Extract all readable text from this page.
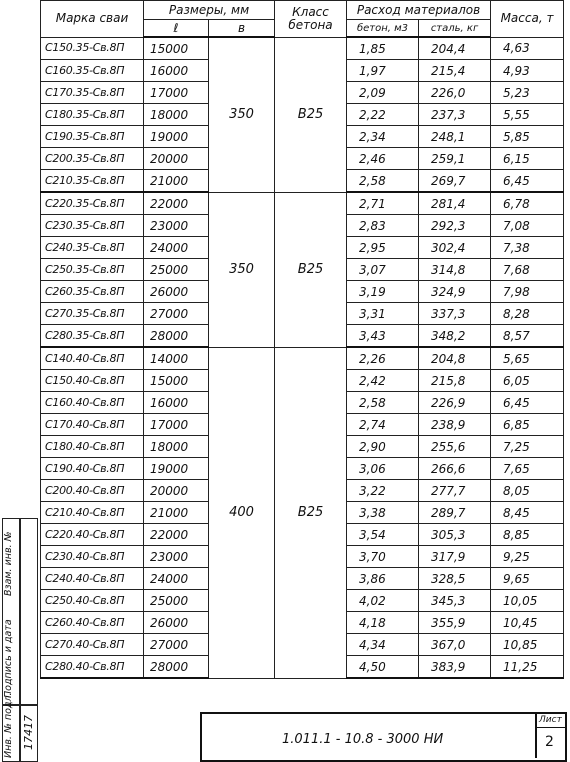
Марка сваи	Размеры, мм		Класс бетона	Расход материалов		Масса, т
	ℓ	в		бетон, м3	сталь, кг	
С150.35-Св.8П	15000	350	В25	1,85	204,4	4,63
С160.35-Св.8П	16000			1,97	215,4	4,93
С170.35-Св.8П	17000			2,09	226,0	5,23
С180.35-Св.8П	18000			2,22	237,3	5,55
С190.35-Св.8П	19000			2,34	248,1	5,85
С200.35-Св.8П	20000			2,46	259,1	6,15
С210.35-Св.8П	21000			2,58	269,7	6,45
С220.35-Св.8П	22000	350	В25	2,71	281,4	6,78
С230.35-Св.8П	23000			2,83	292,3	7,08
С240.35-Св.8П	24000			2,95	302,4	7,38
С250.35-Св.8П	25000			3,07	314,8	7,68
С260.35-Св.8П	26000			3,19	324,9	7,98
С270.35-Св.8П	27000			3,31	337,3	8,28
С280.35-Св.8П	28000			3,43	348,2	8,57
С140.40-Св.8П	14000	400	В25	2,26	204,8	5,65
С150.40-Св.8П	15000			2,42	215,8	6,05
С160.40-Св.8П	16000			2,58	226,9	6,45
С170.40-Св.8П	17000			2,74	238,9	6,85
С180.40-Св.8П	18000			2,90	255,6	7,25
С190.40-Св.8П	19000			3,06	266,6	7,65
С200.40-Св.8П	20000			3,22	277,7	8,05
С210.40-Св.8П	21000			3,38	289,7	8,45
С220.40-Св.8П	22000			3,54	305,3	8,85
С230.40-Св.8П	23000			3,70	317,9	9,25
С240.40-Св.8П	24000			3,86	328,5	9,65
С250.40-Св.8П	25000			4,02	345,3	10,05
С260.40-Св.8П	26000			4,18	355,9	10,45
С270.40-Св.8П	27000			4,34	367,0	10,85
С280.40-Св.8П	28000			4,50	383,9	11,25
Инв. № подл.
Подпись и дата
Взам. инв. №
17417	1.011.1 - 10.8 - 3000 НИ
Лист
2
